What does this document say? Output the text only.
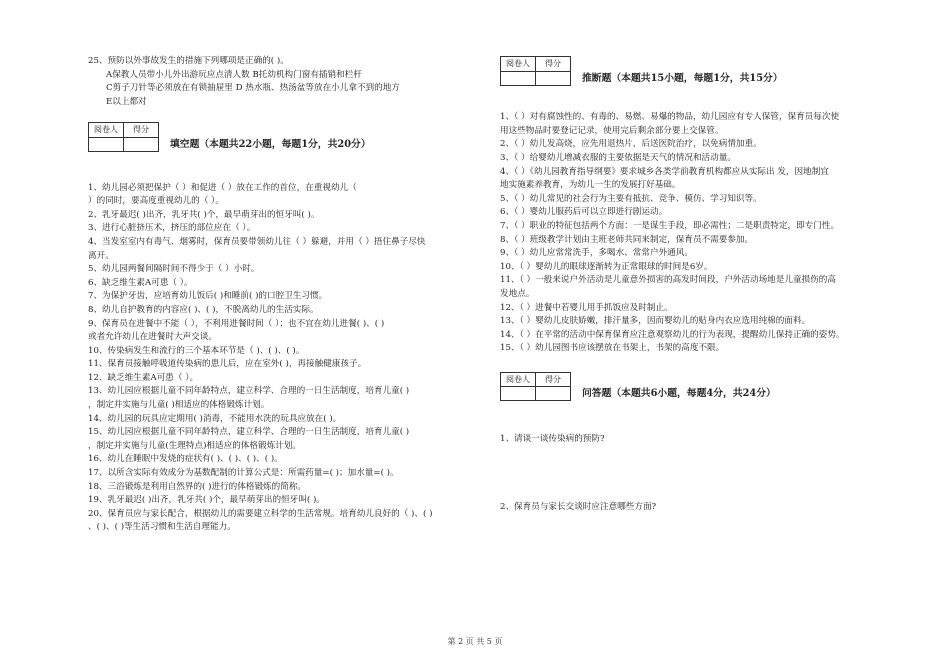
25、预防以外事故发生的措施下列哪项是正确的( )。
A保教人员带小儿外出游玩应点清人数 B托幼机构门窗有插销和栏杆
C剪子刀针等必须放在有锁抽屉里 D 热水瓶、热汤盆等放在小儿拿不到的地方
E以上都对
阅卷人	得分

填空题（本题共22小题，每题1分，共20分）
1、幼儿园必须把保护（ ）和促进（ ）放在工作的首位，在重视幼儿（
）的同时，要高度重视幼儿的（ ）。
2、乳牙最迟( )出齐，乳牙共( )个，最早萌芽出的恒牙叫( )。
3、进行心脏挤压术，挤压的部位应在（ ）。
4、当发室室内有毒气、烟雾时，保育员要带领幼儿往（ ）躲避，并用（ ）捂住鼻子尽快
离开。
5、幼儿园两餐间隔时间不得少于（ ）小时。
6、缺乏维生素A可患（ ）。
7、为保护牙齿，应培育幼儿饭后( )和睡前( )的口腔卫生习惯。
8、幼儿自护教育的内容应( )、( )，不脱离幼儿的生活实际。
9、保育员在进餐中不能（ ），不利用进餐时间（ ）；也不宜在幼儿进餐( )、( )
或者允许幼儿在进餐时大声交谈。
10、传染病发生和流行的三个基本环节是（ )、( )、( )。
11、保育员接触呼吸道传染病的患儿后，应在室外( )，再接触健康孩子。
12、缺乏维生素A可患（ ）。
13、幼儿园应根据儿童不同年龄特点，建立科学、合理的一日生活制度，培育儿童( )
，制定并实施与儿童( )相适应的体格锻炼计划。
14、幼儿园的玩具应定期用( )消毒，不能用水洗的玩具应放在( )。
15、幼儿园应根据儿童不同年龄特点，建立科学、合理的一日生活制度，培育儿童( )
，制定并实施与儿童(生理特点)相适应的体格锻炼计划。
16、幼儿在睡眠中发烧的症状有( )、( )、( )、( )。
17、以所含实际有效成分为基数配制的计算公式是：所需药量=( )；加水量=( )。
18、三浴锻炼是利用自然界的( )进行的体格锻炼的简称。
19、乳牙最迟( )出齐，乳牙共( )个，最早萌芽出的恒牙叫( )。
20、保育员应与家长配合，根据幼儿的需要建立科学的生活常规。培育幼儿良好的（ )、( )
、( )、( )等生活习惯和生活自理能力。
阅卷人	得分

推断题（本题共15小题，每题1分，共15分）
1、（ ）对有腐蚀性的、有毒的、易燃、易爆的物品，幼儿园应有专人保管，保育员每次使
用这些物品时要登记记录，使用完后剩余部分要上交保管。
2、（ ）幼儿发高烧，应先用退热片，后送医院治疗，以免病情加重。
3、（ ）给婴幼儿增减衣服的主要依据是天气的情况和活动量。
4、（ ）《幼儿园教育指导纲要》要求城乡各类学前教育机构都应从实际出 发，因地制宜
地实施素养教育，为幼儿一生的发展打好基础。
5、（ ）幼儿常见的社会行为主要有抵抗、竞争、模仿、学习知识等。
6、（ ）婴幼儿服药后可以立即进行剧运动。
7、（ ）职业的特征包括两个方面：一是谋生手段，即必需性；二是职责特定，即专门性。
8、（ ）班级教学计划由主班老师共同来制定，保育员不需要参加。
9、（ ）幼儿应常常洗手，多喝水、常常户外通风。
10、（ ）婴幼儿的眼球逐渐转为正常眼球的时间是6岁。
11、（ ）一般来说户外活动是儿童意外损害的高发时间段，户外活动场地是儿童损伤的高
发地点。
12、（ ）进餐中若婴儿用手抓饭应及时制止。
13、（ ）婴幼儿皮肤娇嫩，排汗量多，因而婴幼儿的贴身内衣应选用纯棉的面料。
14、（ ）在平常的活动中保育保育应注意观察幼儿的行为表现，提醒幼儿保持正确的姿势。
15、（ ）幼儿园图书应该摆放在书架上，书架的高度不限。
阅卷人	得分

问答题（本题共6小题，每题4分，共24分）
1、请谈一谈传染病的预防?
2、保育员与家长交谈时应注意哪些方面?
第 2 页 共 5 页
